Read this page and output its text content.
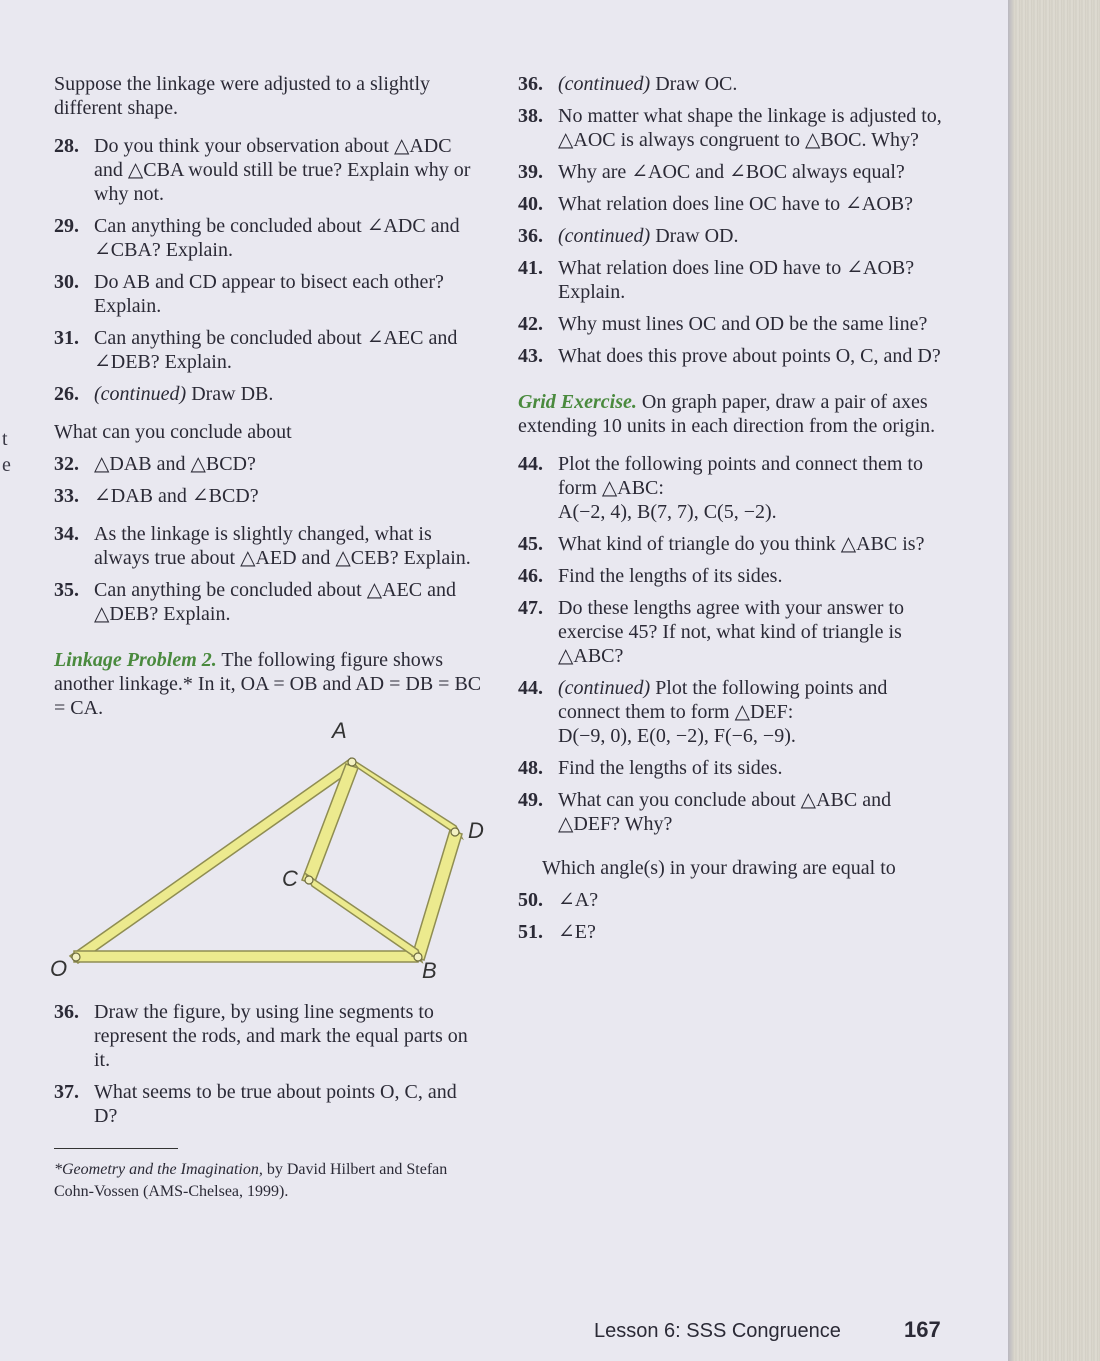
t
e

Suppose the linkage were adjusted to a slightly different shape.

28. Do you think your observation about △ADC and △CBA would still be true? Explain why or why not.
29. Can anything be concluded about ∠ADC and ∠CBA? Explain.
30. Do AB and CD appear to bisect each other? Explain.
31. Can anything be concluded about ∠AEC and ∠DEB? Explain.
26. (continued) Draw DB.

What can you conclude about

32. △DAB and △BCD?
33. ∠DAB and ∠BCD?
34. As the linkage is slightly changed, what is always true about △AED and △CEB? Explain.
35. Can anything be concluded about △AEC and △DEB? Explain.

Linkage Problem 2. The following figure shows another linkage.* In it, OA = OB and AD = DB = BC = CA.

A
D
C
O	B
36. Draw the figure, by using line segments to represent the rods, and mark the equal parts on it.
37. What seems to be true about points O, C, and D?

*Geometry and the Imagination, by David Hilbert and Stefan Cohn-Vossen (AMS-Chelsea, 1999).

36. (continued) Draw OC.
38. No matter what shape the linkage is adjusted to, △AOC is always congruent to △BOC. Why?
39. Why are ∠AOC and ∠BOC always equal?
40. What relation does line OC have to ∠AOB?
36. (continued) Draw OD.
41. What relation does line OD have to ∠AOB? Explain.
42. Why must lines OC and OD be the same line?
43. What does this prove about points O, C, and D?

Grid Exercise. On graph paper, draw a pair of axes extending 10 units in each direction from the origin.

44. Plot the following points and connect them to form △ABC:
A(−2, 4), B(7, 7), C(5, −2).
45. What kind of triangle do you think △ABC is?
46. Find the lengths of its sides.
47. Do these lengths agree with your answer to exercise 45? If not, what kind of triangle is △ABC?
44. (continued) Plot the following points and connect them to form △DEF:
D(−9, 0), E(0, −2), F(−6, −9).
48. Find the lengths of its sides.
49. What can you conclude about △ABC and △DEF? Why?

Which angle(s) in your drawing are equal to

50. ∠A?
51. ∠E?
Lesson 6: SSS Congruence	167
